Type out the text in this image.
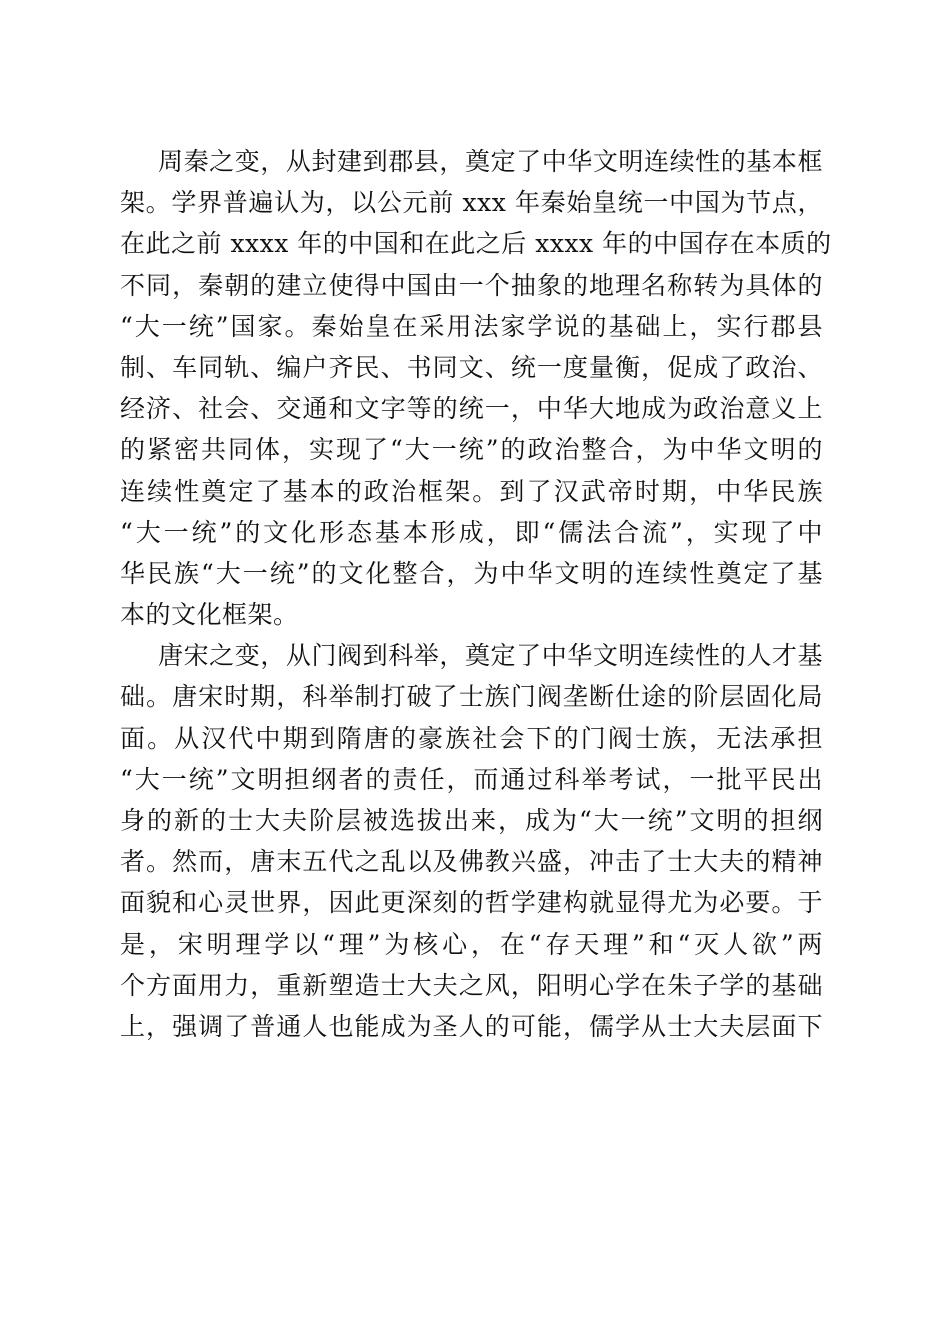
周秦之变，从封建到郡县，奠定了中华文明连续性的基本框
架。学界普遍认为，以公元前 xxx 年秦始皇统一中国为节点，
在此之前 xxxx 年的中国和在此之后 xxxx 年的中国存在本质的
不同，秦朝的建立使得中国由一个抽象的地理名称转为具体的
“大一统”国家。秦始皇在采用法家学说的基础上，实行郡县
制、车同轨、编户齐民、书同文、统一度量衡，促成了政治、
经济、社会、交通和文字等的统一，中华大地成为政治意义上
的紧密共同体，实现了“大一统”的政治整合，为中华文明的
连续性奠定了基本的政治框架。到了汉武帝时期，中华民族
“大一统”的文化形态基本形成，即“儒法合流”，实现了中
华民族“大一统”的文化整合，为中华文明的连续性奠定了基
本的文化框架。
唐宋之变，从门阀到科举，奠定了中华文明连续性的人才基
础。唐宋时期，科举制打破了士族门阀垄断仕途的阶层固化局
面。从汉代中期到隋唐的豪族社会下的门阀士族，无法承担
“大一统”文明担纲者的责任，而通过科举考试，一批平民出
身的新的士大夫阶层被选拔出来，成为“大一统”文明的担纲
者。然而，唐末五代之乱以及佛教兴盛，冲击了士大夫的精神
面貌和心灵世界，因此更深刻的哲学建构就显得尤为必要。于
是，宋明理学以“理”为核心，在“存天理”和“灭人欲”两
个方面用力，重新塑造士大夫之风，阳明心学在朱子学的基础
上，强调了普通人也能成为圣人的可能，儒学从士大夫层面下
